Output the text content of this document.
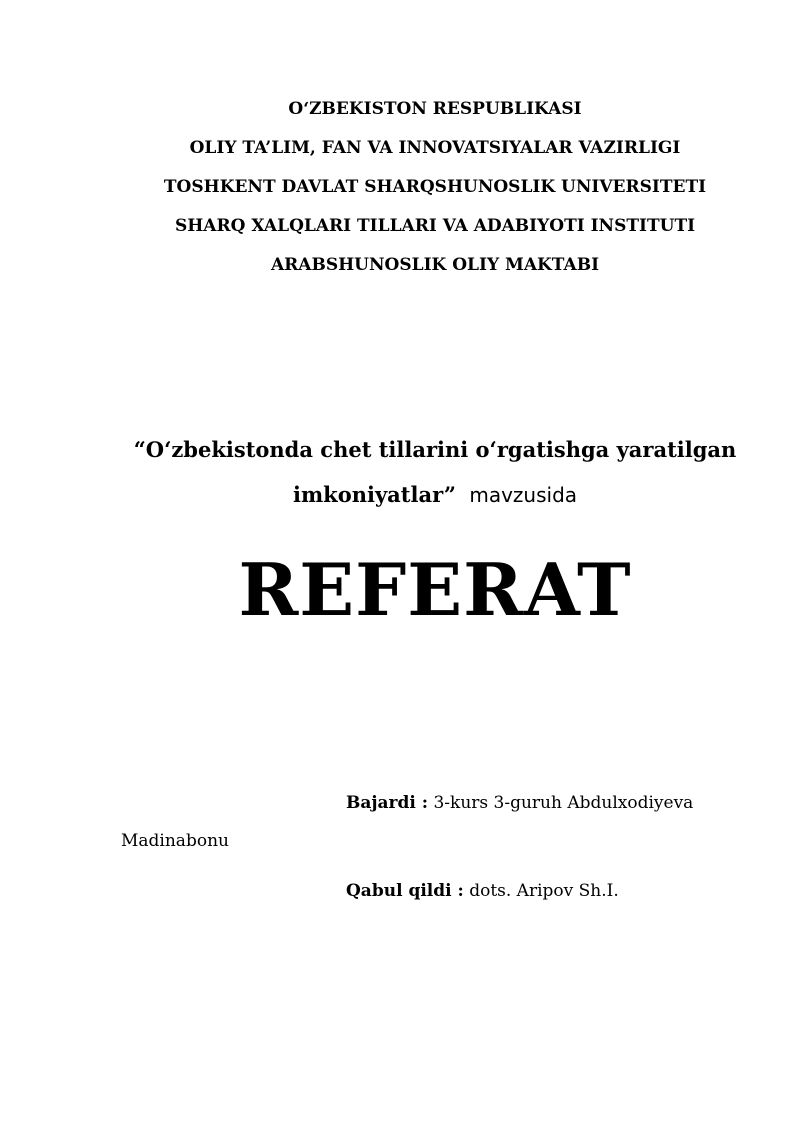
O‘ZBEKISTON RESPUBLIKASI
OLIY TA’LIM, FAN VA INNOVATSIYALAR VAZIRLIGI
TOSHKENT DAVLAT SHARQSHUNOSLIK UNIVERSITETI
SHARQ XALQLARI TILLARI VA ADABIYOTI INSTITUTI
ARABSHUNOSLIK OLIY MAKTABI
“O‘zbekistonda chet tillarini o‘rgatishga yaratilgan
imkoniyatlar” mavzusida
REFERAT
Bajardi : 3-kurs 3-guruh Abdulxodiyeva
Madinabonu
Qabul qildi : dots. Aripov Sh.I.
